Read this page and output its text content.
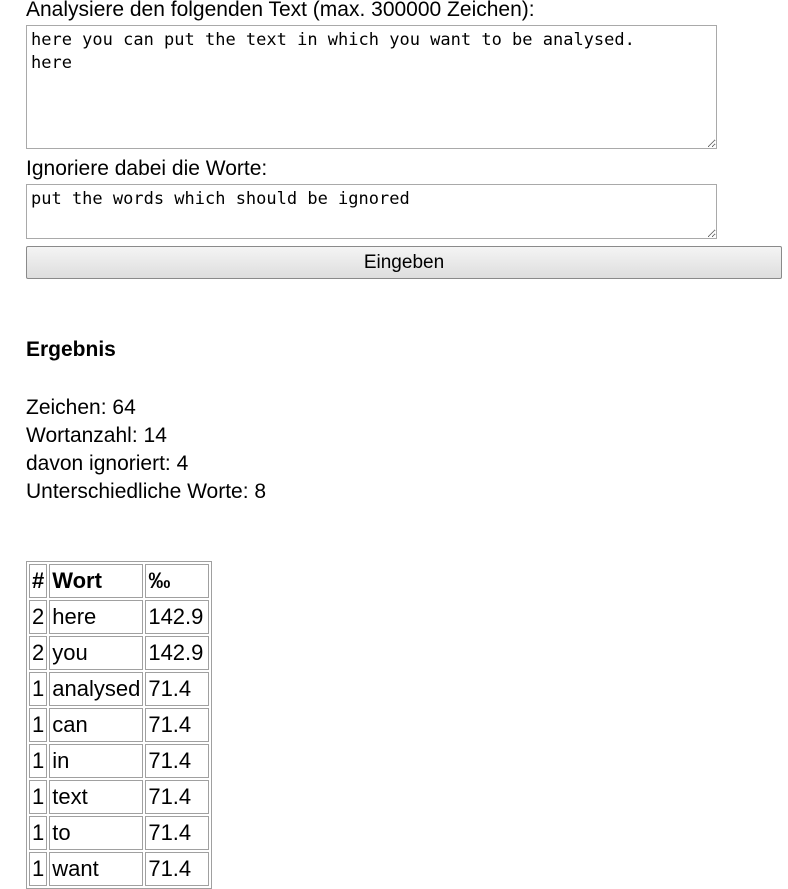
Analysiere den folgenden Text (max. 300000 Zeichen):
here you can put the text in which you want to be analysed. here
Ignoriere dabei die Worte:
put the words which should be ignored
Eingeben
Ergebnis
Zeichen: 64
Wortanzahl: 14
davon ignoriert: 4
Unterschiedliche Worte: 8
#	Wort	‰
2	here	142.9
2	you	142.9
1	analysed	71.4
1	can	71.4
1	in	71.4
1	text	71.4
1	to	71.4
1	want	71.4
